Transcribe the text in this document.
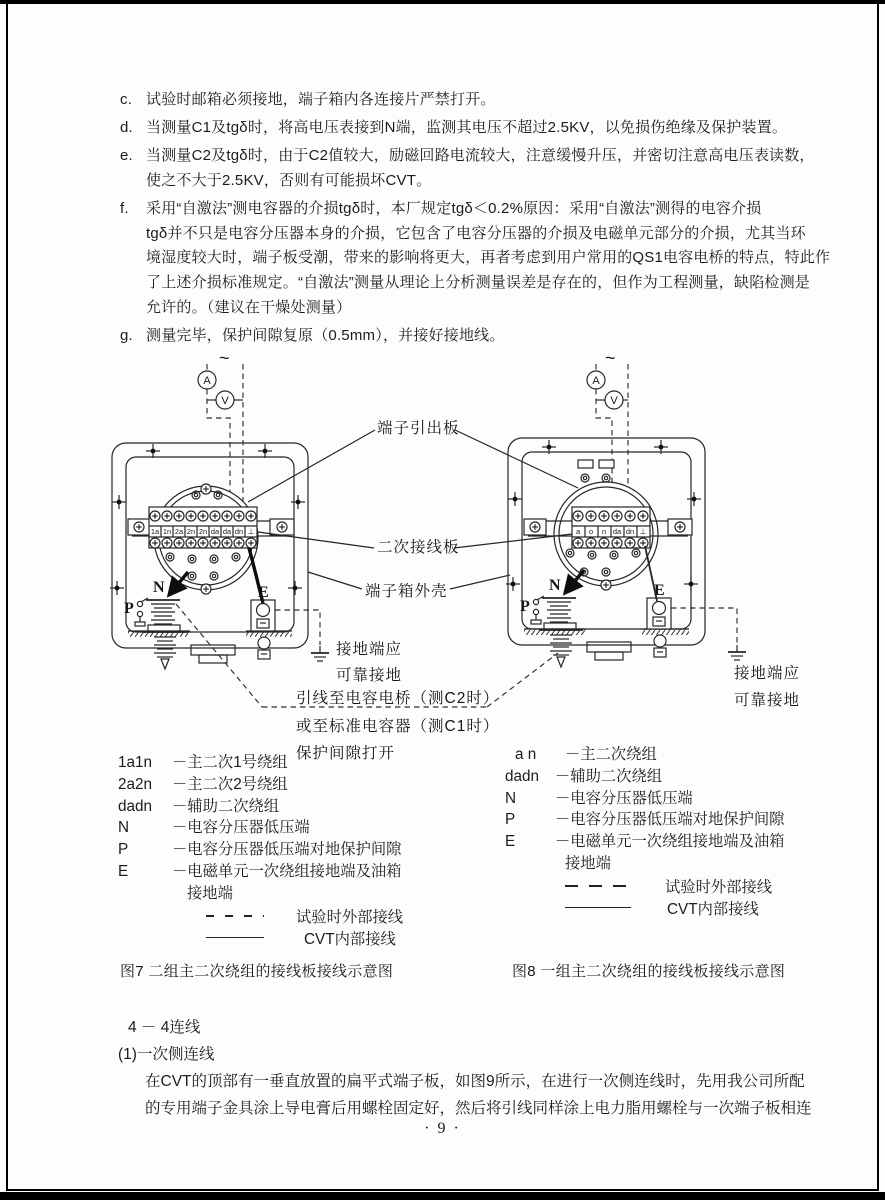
c. 试验时邮箱必须接地，端子箱内各连接片严禁打开。

d. 当测量C1及tgδ时，将高电压表接到N端，监测其电压不超过2.5KV，以免损伤绝缘及保护装置。

e. 当测量C2及tgδ时，由于C2值较大，励磁回路电流较大，注意缓慢升压，并密切注意高电压表读数，
使之不大于2.5KV，否则有可能损坏CVT。

f.	采用“自激法”测电容器的介损tgδ时，本厂规定tgδ＜0.2%原因：采用“自激法”测得的电容介损
tgδ并不只是电容分压器本身的介损，它包含了电容分压器的介损及电磁单元部分的介损，尤其当环
境湿度较大时，端子板受潮，带来的影响将更大，再者考虑到用户常用的QS1电容电桥的特点，特此作
了上述介损标准规定。“自激法”测量从理论上分析测量误差是存在的，但作为工程测量，缺陷检测是
允许的。（建议在干燥处测量）

g. 测量完毕，保护间隙复原（0.5mm），并接好接地线。

~
A
V
1a 1n 2a 2n 2n da da dn ⊥
N
P
E
接地端应
可靠接地
~
A
V
a o n da dn ⊥
N
P
E
接地端应
可靠接地
端子引出板
二次接线板
端子箱外壳
引线至电容电桥（测C2时）
或至标准电容器（测C1时）
保护间隙打开
1a1n	－主二次1号绕组
2a2n	－主二次2号绕组
dadn	－辅助二次绕组
N	－电容分压器低压端
P	－电容分压器低压端对地保护间隙
E	－电磁单元一次绕组接地端及油箱
接地端
试验时外部接线
CVT内部接线
a n	－主二次绕组
dadn	－辅助二次绕组
N	－电容分压器低压端
P	－电容分压器低压端对地保护间隙
E	－电磁单元一次绕组接地端及油箱
接地端
试验时外部接线
CVT内部接线
图7 二组主二次绕组的接线板接线示意图	图8 一组主二次绕组的接线板接线示意图
4 － 4连线
(1)一次侧连线
在CVT的顶部有一垂直放置的扁平式端子板，如图9所示，在进行一次侧连线时，先用我公司所配
的专用端子金具涂上导电膏后用螺栓固定好，然后将引线同样涂上电力脂用螺栓与一次端子板相连
· 9 ·
